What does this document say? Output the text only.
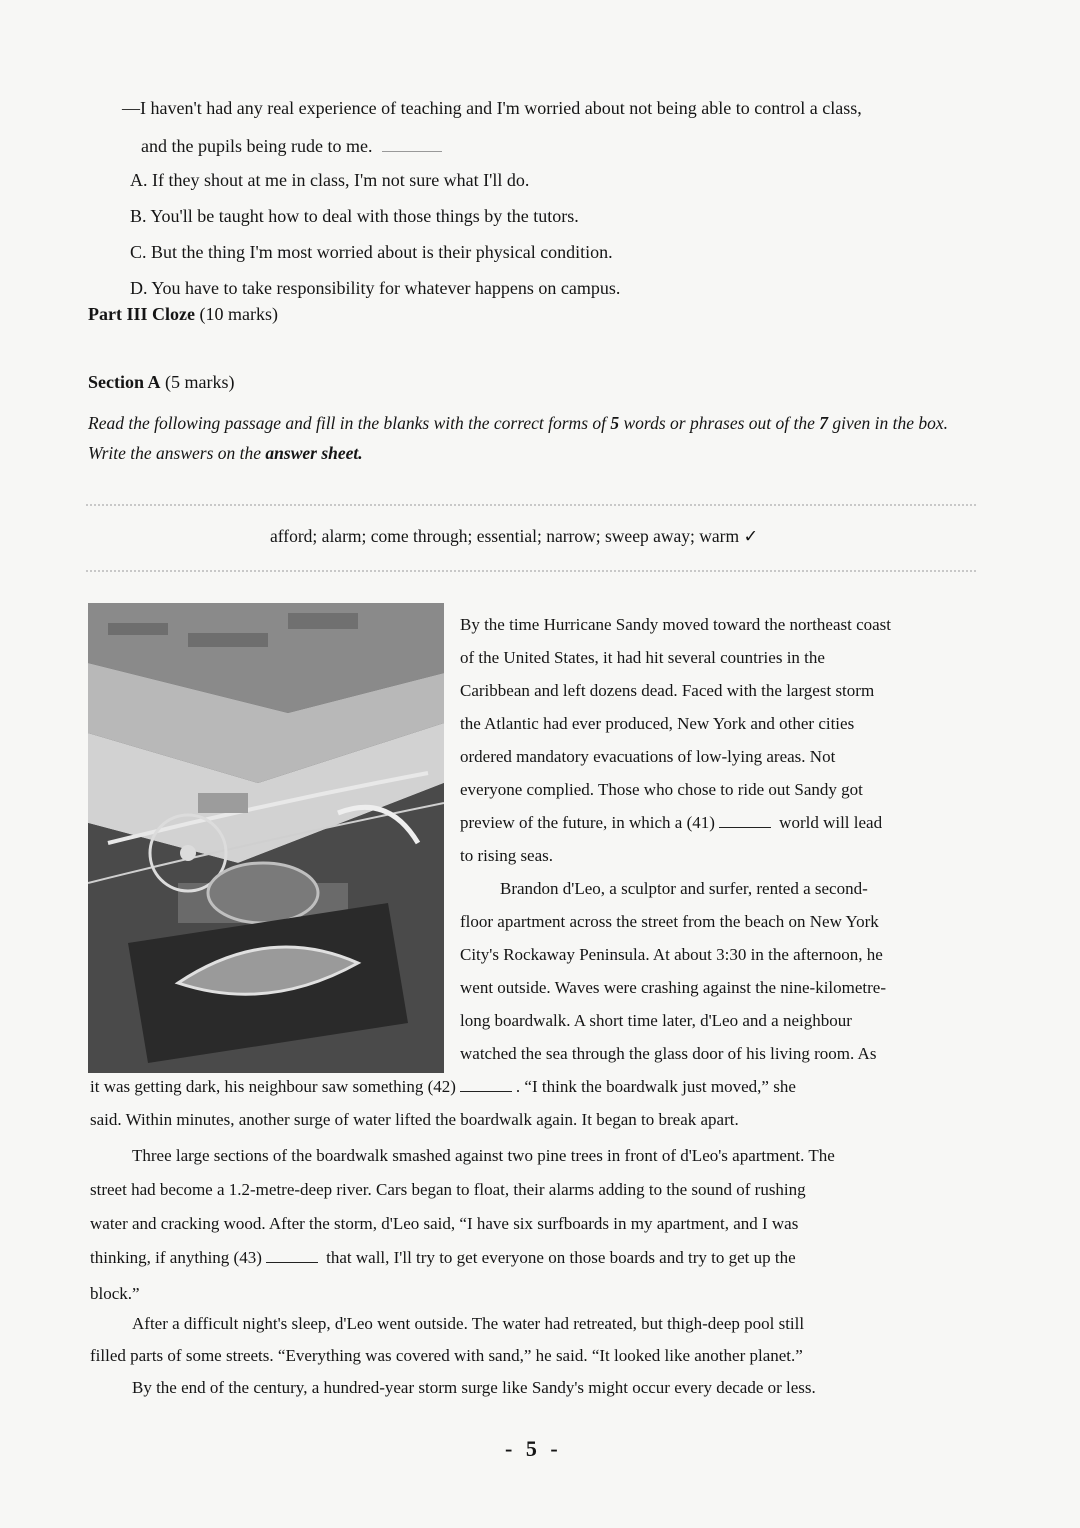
—I haven't had any real experience of teaching and I'm worried about not being able to control a class,
and the pupils being rude to me.
A. If they shout at me in class, I'm not sure what I'll do.
B. You'll be taught how to deal with those things by the tutors.
C. But the thing I'm most worried about is their physical condition.
D. You have to take responsibility for whatever happens on campus.
Part III Cloze (10 marks)
Section A (5 marks)
Read the following passage and fill in the blanks with the correct forms of 5 words or phrases out of the 7 given in the box. Write the answers on the answer sheet.
afford; alarm; come through; essential; narrow; sweep away; warm ✓
By the time Hurricane Sandy moved toward the northeast coast
of the United States, it had hit several countries in the
Caribbean and left dozens dead. Faced with the largest storm
the Atlantic had ever produced, New York and other cities
ordered mandatory evacuations of low-lying areas. Not
everyone complied. Those who chose to ride out Sandy got
preview of the future, in which a (41)	world will lead
to rising seas.
Brandon d'Leo, a sculptor and surfer, rented a second-
floor apartment across the street from the beach on New York
City's Rockaway Peninsula. At about 3:30 in the afternoon, he
went outside. Waves were crashing against the nine-kilometre-
long boardwalk. A short time later, d'Leo and a neighbour
watched the sea through the glass door of his living room. As
it was getting dark, his neighbour saw something (42)	. “I think the boardwalk just moved,” she
said. Within minutes, another surge of water lifted the boardwalk again. It began to break apart.
Three large sections of the boardwalk smashed against two pine trees in front of d'Leo's apartment. The
street had become a 1.2-metre-deep river. Cars began to float, their alarms adding to the sound of rushing
water and cracking wood. After the storm, d'Leo said, “I have six surfboards in my apartment, and I was
thinking, if anything (43)	that wall, I'll try to get everyone on those boards and try to get up the
block.”
After a difficult night's sleep, d'Leo went outside. The water had retreated, but thigh-deep pool still
filled parts of some streets. “Everything was covered with sand,” he said. “It looked like another planet.”
By the end of the century, a hundred-year storm surge like Sandy's might occur every decade or less.
- 5 -
